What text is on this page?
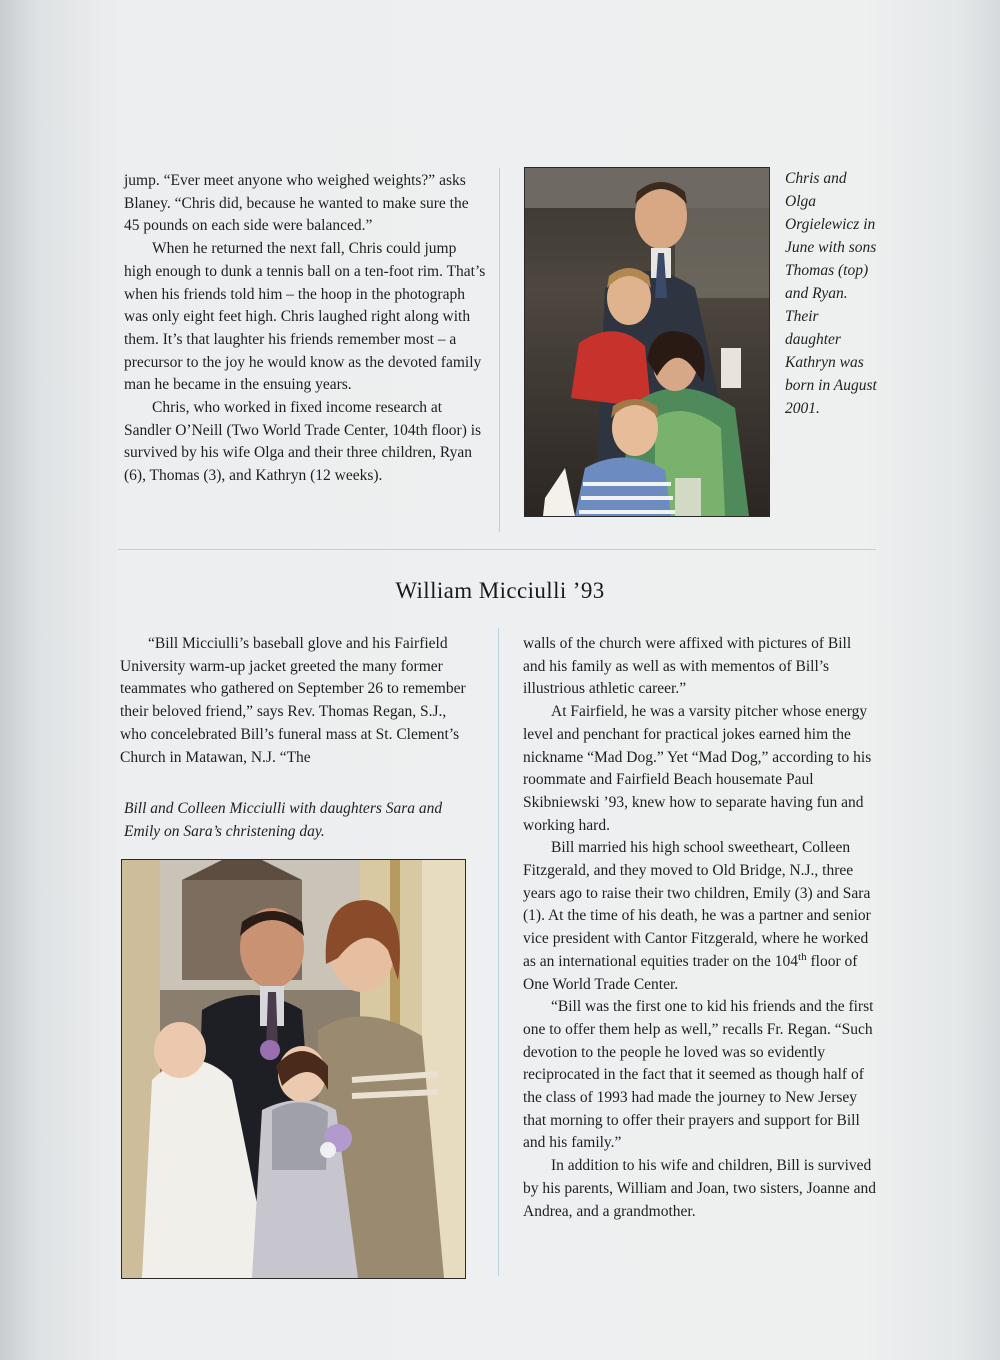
jump. “Ever meet anyone who weighed weights?” asks Blaney. “Chris did, because he wanted to make sure the 45 pounds on each side were balanced.”

When he returned the next fall, Chris could jump high enough to dunk a tennis ball on a ten-foot rim. That’s when his friends told him – the hoop in the photograph was only eight feet high. Chris laughed right along with them. It’s that laughter his friends remember most – a precursor to the joy he would know as the devoted family man he became in the ensuing years.

Chris, who worked in fixed income research at Sandler O’Neill (Two World Trade Center, 104th floor) is survived by his wife Olga and their three children, Ryan (6), Thomas (3), and Kathryn (12 weeks).

Chris and Olga Orgielewicz in June with sons Thomas (top) and Ryan. Their daughter Kathryn was born in August 2001.
William Micciulli ’93

“Bill Micciulli’s baseball glove and his Fairfield University warm-up jacket greeted the many former teammates who gathered on September 26 to remember their beloved friend,” says Rev. Thomas Regan, S.J., who concelebrated Bill’s funeral mass at St. Clement’s Church in Matawan, N.J. “The

Bill and Colleen Micciulli with daughters Sara and Emily on Sara’s christening day.

walls of the church were affixed with pictures of Bill and his family as well as with mementos of Bill’s illustrious athletic career.”

At Fairfield, he was a varsity pitcher whose energy level and penchant for practical jokes earned him the nickname “Mad Dog.” Yet “Mad Dog,” according to his roommate and Fairfield Beach housemate Paul Skibniewski ’93, knew how to separate having fun and working hard.

Bill married his high school sweetheart, Colleen Fitzgerald, and they moved to Old Bridge, N.J., three years ago to raise their two children, Emily (3) and Sara (1). At the time of his death, he was a partner and senior vice president with Cantor Fitzgerald, where he worked as an international equities trader on the 104th floor of One World Trade Center.

“Bill was the first one to kid his friends and the first one to offer them help as well,” recalls Fr. Regan. “Such devotion to the people he loved was so evidently reciprocated in the fact that it seemed as though half of the class of 1993 had made the journey to New Jersey that morning to offer their prayers and support for Bill and his family.”

In addition to his wife and children, Bill is survived by his parents, William and Joan, two sisters, Joanne and Andrea, and a grandmother.
